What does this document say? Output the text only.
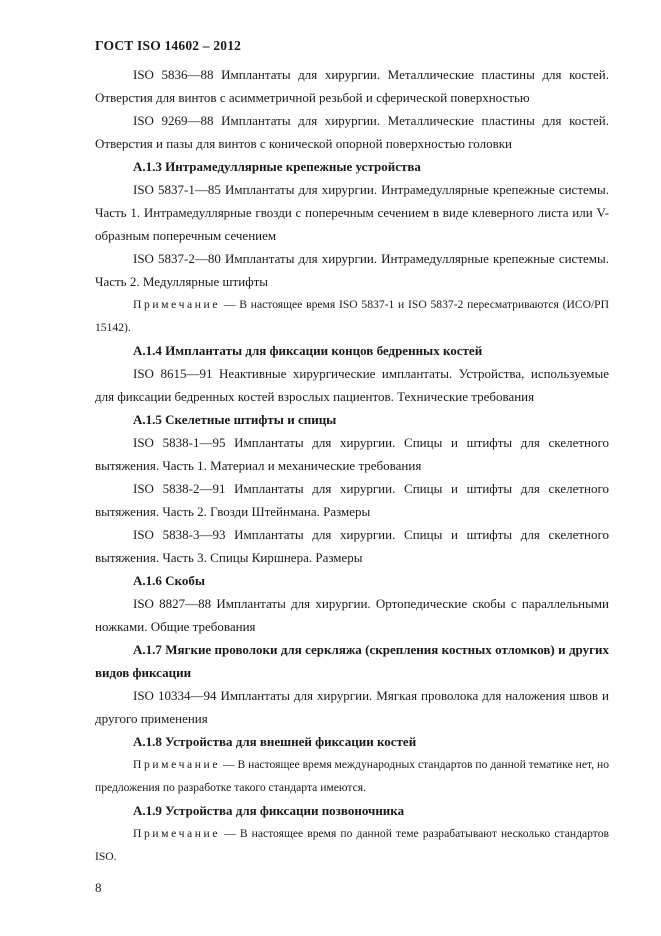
ГОСТ ISO 14602 – 2012

ISO 5836—88 Имплантаты для хирургии. Металлические пластины для костей. Отверстия для винтов с асимметричной резьбой и сферической поверхностью

ISO 9269—88 Имплантаты для хирургии. Металлические пластины для костей. Отверстия и пазы для винтов с конической опорной поверхностью головки

А.1.3 Интрамедуллярные крепежные устройства

ISO 5837-1—85 Имплантаты для хирургии. Интрамедуллярные крепежные системы. Часть 1. Интрамедуллярные гвозди с поперечным сечением в виде клеверного листа или V-образным поперечным сечением

ISO 5837-2—80 Имплантаты для хирургии. Интрамедуллярные крепежные системы. Часть 2. Медуллярные штифты

Примечание — В настоящее время ISO 5837-1 и ISO 5837-2 пересматриваются (ИСО/РП 15142).

А.1.4 Имплантаты для фиксации концов бедренных костей

ISO 8615—91 Неактивные хирургические имплантаты. Устройства, используемые для фиксации бедренных костей взрослых пациентов. Технические требования

А.1.5 Скелетные штифты и спицы

ISO 5838-1—95 Имплантаты для хирургии. Спицы и штифты для скелетного вытяжения. Часть 1. Материал и механические требования

ISO 5838-2—91 Имплантаты для хирургии. Спицы и штифты для скелетного вытяжения. Часть 2. Гвозди Штейнмана. Размеры

ISO 5838-3—93 Имплантаты для хирургии. Спицы и штифты для скелетного вытяжения. Часть 3. Спицы Киршнера. Размеры

А.1.6 Скобы

ISO 8827—88 Имплантаты для хирургии. Ортопедические скобы с параллельными ножками. Общие требования

А.1.7 Мягкие проволоки для серкляжа (скрепления костных отломков) и других видов фиксации

ISO 10334—94 Имплантаты для хирургии. Мягкая проволока для наложения швов и другого применения

А.1.8 Устройства для внешней фиксации костей

Примечание — В настоящее время международных стандартов по данной тематике нет, но предложения по разработке такого стандарта имеются.

А.1.9 Устройства для фиксации позвоночника

Примечание — В настоящее время по данной теме разрабатывают несколько стандартов ISO.

8
